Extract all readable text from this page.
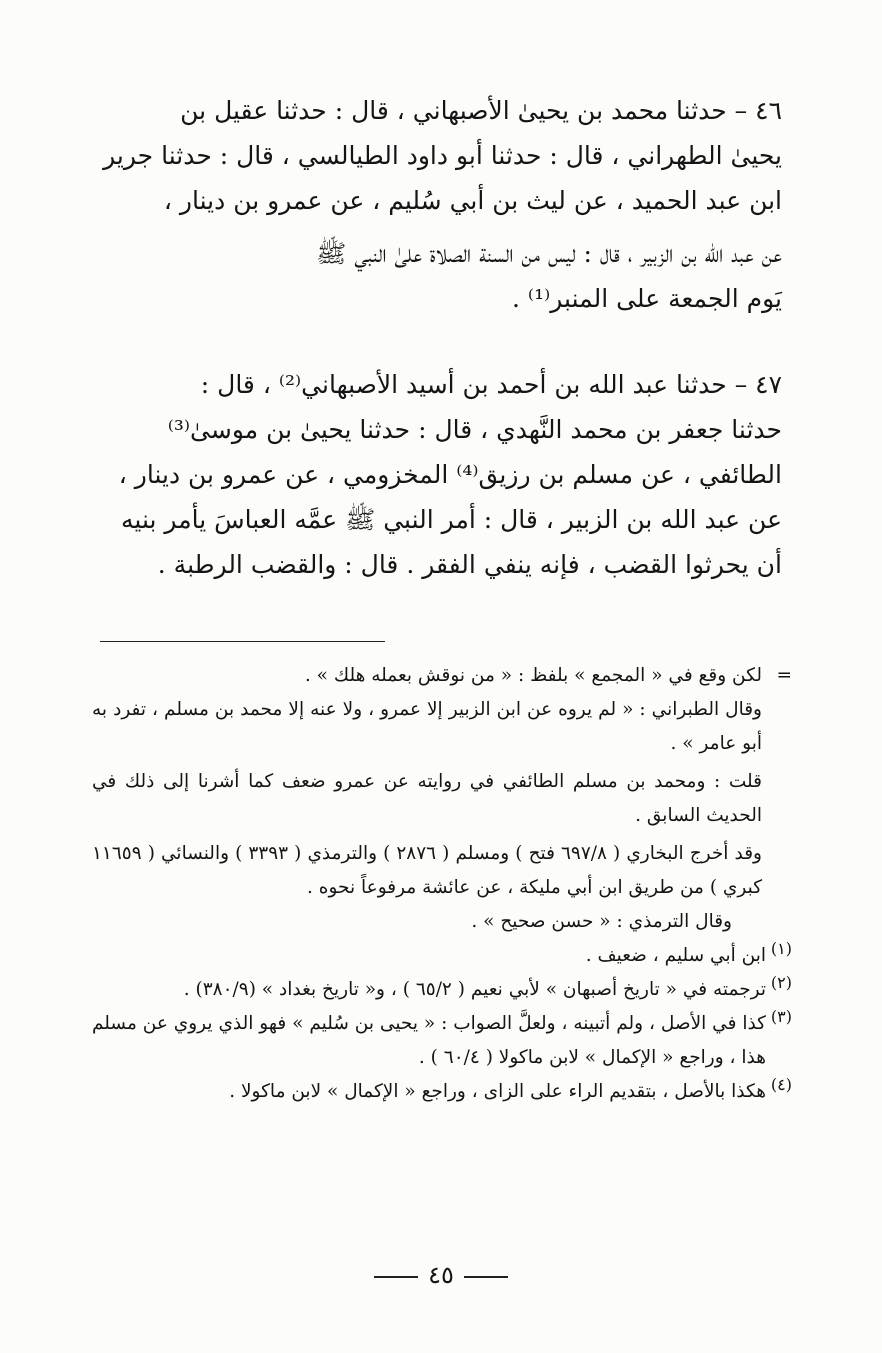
٤٦ – حدثنا محمد بن يحيىٰ الأصبهاني ، قال : حدثنا عقيل بن

يحيىٰ الطهراني ، قال : حدثنا أبو داود الطيالسي ، قال : حدثنا جرير

ابن عبد الحميد ، عن ليث بن أبي سُليم ، عن عمرو بن دينار ،

عن عبد الله بن الزبير ، قال : ليس من السنة الصلاة علىٰ النبي ﷺ

يَوم الجمعة على المنبر⁽¹⁾ .

٤٧ – حدثنا عبد الله بن أحمد بن أسيد الأصبهاني⁽²⁾ ، قال :

حدثنا جعفر بن محمد النَّهدي ، قال : حدثنا يحيىٰ بن موسىٰ⁽³⁾

الطائفي ، عن مسلم بن رزيق⁽⁴⁾ المخزومي ، عن عمرو بن دينار ،

عن عبد الله بن الزبير ، قال : أمر النبي ﷺ عمَّه العباسَ يأمر بنيه

أن يحرثوا القضب ، فإنه ينفي الفقر . قال : والقضب الرطبة .

=
لكن وقع في « المجمع » بلفظ : « من نوقش بعمله هلك » .

وقال الطبراني : « لم يروه عن ابن الزبير إلا عمرو ، ولا عنه إلا محمد بن مسلم ، تفرد به أبو عامر » .

قلت : ومحمد بن مسلم الطائفي في روايته عن عمرو ضعف كما أشرنا إلى ذلك في الحديث السابق .

وقد أخرج البخاري ( ٦٩٧/٨ فتح ) ومسلم ( ٢٨٧٦ ) والترمذي ( ٣٣٩٣ ) والنسائي ( ١١٦٥٩ كبري ) من طريق ابن أبي مليكة ، عن عائشة مرفوعاً نحوه .

وقال الترمذي : « حسن صحيح » .

(١)

ابن أبي سليم ، ضعيف .

(٢)

ترجمته في « تاريخ أصبهان » لأبي نعيم ( ٦٥/٢ ) ، و« تاريخ بغداد » (٣٨٠/٩) .

(٣)

كذا في الأصل ، ولم أتبينه ، ولعلَّ الصواب : « يحيى بن سُليم » فهو الذي يروي عن مسلم هذا ، وراجع « الإكمال » لابن ماكولا ( ٦٠/٤ ) .

(٤)

هكذا بالأصل ، بتقديم الراء على الزاى ، وراجع « الإكمال » لابن ماكولا .

٤٥
